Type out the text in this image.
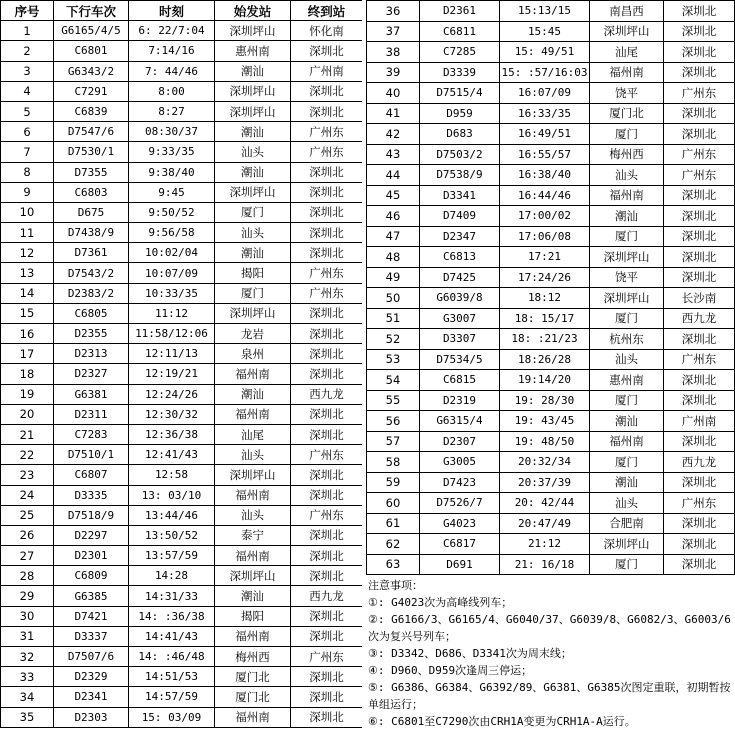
序号	下行车次	时刻	始发站	终到站
1	G6165/4/5	6: 22/7:04	深圳坪山	怀化南
2	C6801	7:14/16	惠州南	深圳北
3	G6343/2	7: 44/46	潮汕	广州南
4	C7291	8:00	深圳坪山	深圳北
5	C6839	8:27	深圳坪山	深圳北
6	D7547/6	08:30/37	潮汕	广州东
7	D7530/1	9:33/35	汕头	广州东
8	D7355	9:38/40	潮汕	深圳北
9	C6803	9:45	深圳坪山	深圳北
10	D675	9:50/52	厦门	深圳北
11	D7438/9	9:56/58	汕头	深圳北
12	D7361	10:02/04	潮汕	深圳北
13	D7543/2	10:07/09	揭阳	广州东
14	D2383/2	10:33/35	厦门	广州东
15	C6805	11:12	深圳坪山	深圳北
16	D2355	11:58/12:06	龙岩	深圳北
17	D2313	12:11/13	泉州	深圳北
18	D2327	12:19/21	福州南	深圳北
19	G6381	12:24/26	潮汕	西九龙
20	D2311	12:30/32	福州南	深圳北
21	C7283	12:36/38	汕尾	深圳北
22	D7510/1	12:41/43	汕头	广州东
23	C6807	12:58	深圳坪山	深圳北
24	D3335	13: 03/10	福州南	深圳北
25	D7518/9	13:44/46	汕头	广州东
26	D2297	13:50/52	泰宁	深圳北
27	D2301	13:57/59	福州南	深圳北
28	C6809	14:28	深圳坪山	深圳北
29	G6385	14:31/33	潮汕	西九龙
30	D7421	14: :36/38	揭阳	深圳北
31	D3337	14:41/43	福州南	深圳北
32	D7507/6	14: :46/48	梅州西	广州东
33	D2329	14:51/53	厦门北	深圳北
34	D2341	14:57/59	厦门北	深圳北
35	D2303	15: 03/09	福州南	深圳北
36	D2361	15:13/15	南昌西	深圳北
37	C6811	15:45	深圳坪山	深圳北
38	C7285	15: 49/51	汕尾	深圳北
39	D3339	15: :57/16:03	福州南	深圳北
40	D7515/4	16:07/09	饶平	广州东
41	D959	16:33/35	厦门北	深圳北
42	D683	16:49/51	厦门	深圳北
43	D7503/2	16:55/57	梅州西	广州东
44	D7538/9	16:38/40	汕头	广州东
45	D3341	16:44/46	福州南	深圳北
46	D7409	17:00/02	潮汕	深圳北
47	D2347	17:06/08	厦门	深圳北
48	C6813	17:21	深圳坪山	深圳北
49	D7425	17:24/26	饶平	深圳北
50	G6039/8	18:12	深圳坪山	长沙南
51	G3007	18: 15/17	厦门	西九龙
52	D3307	18: :21/23	杭州东	深圳北
53	D7534/5	18:26/28	汕头	广州东
54	C6815	19:14/20	惠州南	深圳北
55	D2319	19: 28/30	厦门	深圳北
56	G6315/4	19: 43/45	潮汕	广州南
57	D2307	19: 48/50	福州南	深圳北
58	G3005	20:32/34	厦门	西九龙
59	D7423	20:37/39	潮汕	深圳北
60	D7526/7	20: 42/44	汕头	广州东
61	G4023	20:47/49	合肥南	深圳北
62	C6817	21:12	深圳坪山	深圳北
63	D691	21: 16/18	厦门	深圳北
注意事项：
①: G4023次为高峰线列车；
②: G6166/3、G6165/4、G6040/37、G6039/8、G6082/3、G6003/6次为复兴号列车；
③: D3342、D686、D3341次为周末线；
④: D960、D959次逢周三停运；
⑤: G6386、G6384、G6392/89、G6381、G6385次图定重联，初期暂按单组运行；
⑥: C6801至C7290次由CRH1A变更为CRH1A-A运行。
